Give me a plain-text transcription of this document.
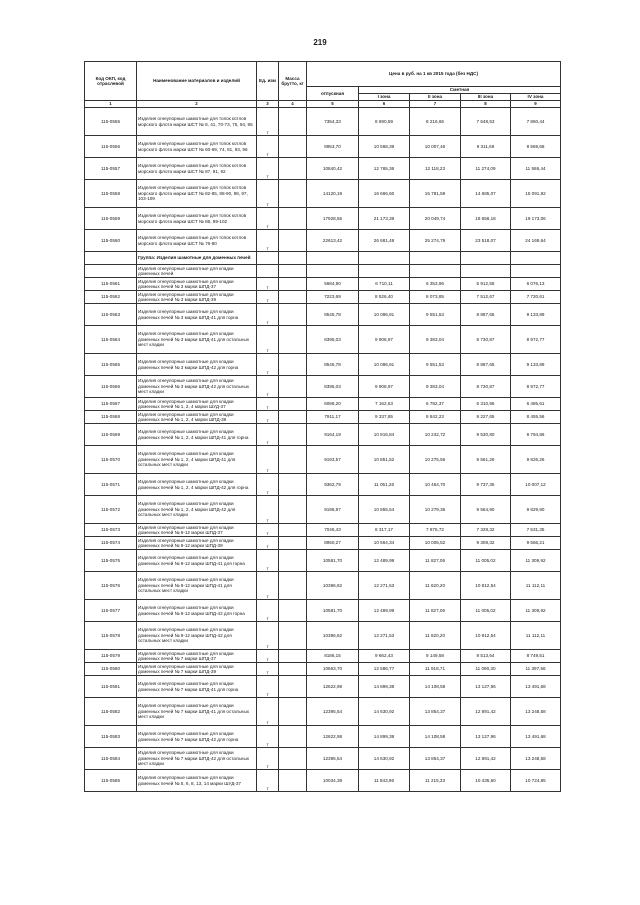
219
Код ОКП, код отраслевой	Наименование материалов и изделий	Ед. изм	Масса брутто, кг	Цена в руб. на 1 кв 2015 года (без НДС)				
				отпускная	Сметная			
					I зона	II зона	III зона	IV зона
1	2	3	4	5	6	7	8	9
115-0555	Изделия огнеупорные шамотные для топок котлов морского флота марки ШСТ № 8, 41, 70-73, 75, 94, 95	т		7354,33	8 690,59	8 216,66	7 648,53	7 860,44
115-0556	Изделия огнеупорные шамотные для топок котлов морского флота марки ШСТ № 60-69, 74, 81, 93, 96	т		8953,70	10 568,39	10 007,46	9 311,69	9 569,68
115-0557	Изделия огнеупорные шамотные для топок котлов морского флота марки ШСТ № 87, 91, 92	т		10840,42	12 765,36	12 118,23	11 274,09	11 586,44
115-0558	Изделия огнеупорные шамотные для топок котлов морского флота марки ШСТ № 82-85, 88-90, 98, 97, 103-109	т		14120,19	16 666,60	15 781,59	14 685,07	15 091,92
115-0559	Изделия огнеупорные шамотные для топок котлов морского флота марки ШСТ № 86, 99-102	т		17928,56	21 173,39	20 049,74	18 656,18	19 173,06
115-0560	Изделия огнеупорные шамотные для топок котлов морского флота марки ШСТ № 76-80	т		22613,42	26 681,48	25 274,79	23 518,07	24 169,64
	Группа: Изделия шамотные для доменных печей							
	Изделия огнеупорные шамотные для кладки доменных печей							
115-0561	Изделия огнеупорные шамотные для кладки доменных печей № 3 марки ШПД-37	т		5684,90	6 710,11	6 353,96	5 912,55	6 076,13
115-0562	Изделия огнеупорные шамотные для кладки доменных печей № 3 марки ШПД-39	т		7223,69	8 526,40	8 073,85	7 512,67	7 720,61
115-0563	Изделия огнеупорные шамотные для кладки доменных печей № 3 марки ШПД-41 для горна	т		8545,78	10 086,91	9 551,53	8 887,65	9 133,89
115-0564	Изделия огнеупорные шамотные для кладки доменных печей № 3 марки ШПД-41 для остальных мест кладки	т		8395,03	9 908,97	9 383,04	8 730,87	8 972,77
115-0565	Изделия огнеупорные шамотные для кладки доменных печей № 3 марки ШПД-42 для горна	т		8545,78	10 086,91	9 551,53	8 887,65	9 133,89
115-0566	Изделия огнеупорные шамотные для кладки доменных печей № 3 марки ШПД-42 для остальных мест кладки	т		8395,03	9 908,97	9 383,04	8 730,87	8 972,77
115-0567	Изделия огнеупорные шамотные для кладки доменных печей № 1, 2, 4 марки ШУД-37	т		6068,20	7 162,53	6 782,37	6 310,96	6 485,61
115-0568	Изделия огнеупорные шамотные для кладки доменных печей № 1, 2, 4 марки ШПД-39	т		7911,17	9 337,85	8 842,23	8 227,65	8 455,56
115-0569	Изделия огнеупорные шамотные для кладки доменных печей № 1, 2, 4 марки ШПД-41 для горна	т		9164,19	10 816,84	10 242,72	9 530,80	9 794,86
115-0570	Изделия огнеупорные шамотные для кладки доменных печей № 1, 2, 4 марки ШПД-41 для остальных мест кладки	т		9193,57	10 851,52	10 275,56	9 561,26	9 826,26
115-0571	Изделия огнеупорные шамотные для кладки доменных печей № 1, 2, 4 марки ШПД-42 для горна	т		9362,79	11 051,26	10 464,70	9 737,35	10 007,12
115-0572	Изделия огнеупорные шамотные для кладки доменных печей № 1, 2, 4 марки ШПД-42 для остальных мест кладки	т		9196,97	10 855,54	10 279,36	9 564,90	9 829,90
115-0573	Изделия огнеупорные шамотные для кладки доменных печей № 9-12 марки ШПД-37	т		7046,43	8 317,17	7 875,72	7 328,32	7 531,35
115-0574	Изделия огнеупорные шамотные для кладки доменных печей № 9-12 марки ШПД-39	т		8950,27	10 564,34	10 005,52	9 308,32	9 566,21
115-0575	Изделия огнеупорные шамотные для кладки доменных печей № 9-12 марки ШПД-41 для горна	т		10581,70	12 489,99	11 827,06	11 005,02	11 309,92
115-0576	Изделия огнеупорные шамотные для кладки доменных печей № 9-12 марки ШПД-41 для остальных мест кладки	т		10396,62	12 271,53	11 620,20	10 812,54	11 112,11
115-0577	Изделия огнеупорные шамотные для кладки доменных печей № 9-12 марки ШПД-42 для горна	т		10581,70	12 489,99	11 827,06	11 005,02	11 309,92
115-0578	Изделия огнеупорные шамотные для кладки доменных печей № 9-12 марки ШПД-42 для остальных мест кладки	т		10396,62	12 271,53	11 620,20	10 812,54	11 112,11
115-0579	Изделия огнеупорные шамотные для кладки доменных печей № 7 марки ШПД-37	т		8186,15	9 662,43	9 149,58	8 513,64	8 749,51
115-0580	Изделия огнеупорные шамотные для кладки доменных печей № 7 марки ШПД-39	т		10663,70	12 586,77	11 918,71	11 090,30	11 397,56
115-0581	Изделия огнеупорные шамотные для кладки доменных печей № 7 марки ШПД-41 для горна	т		12622,98	14 899,38	14 108,58	13 127,96	13 491,68
115-0582	Изделия огнеупорные шамотные для кладки доменных печей № 7 марки ШПД-41 для остальных мест кладки	т		12395,54	14 630,92	13 854,37	12 891,42	13 248,58
115-0583	Изделия огнеупорные шамотные для кладки доменных печей № 7 марки ШПД-42 для горна	т		12622,98	14 899,38	14 108,58	13 127,96	13 491,68
115-0584	Изделия огнеупорные шамотные для кладки доменных печей № 7 марки ШПД-42 для остальных мест кладки	т		12395,54	14 630,92	13 854,37	12 891,42	13 248,58
115-0585	Изделия огнеупорные шамотные для кладки доменных печей № 5, 6, 8, 13, 14 марки ШУД-37	т		10034,39	11 843,96	11 215,33	10 435,60	10 724,85
